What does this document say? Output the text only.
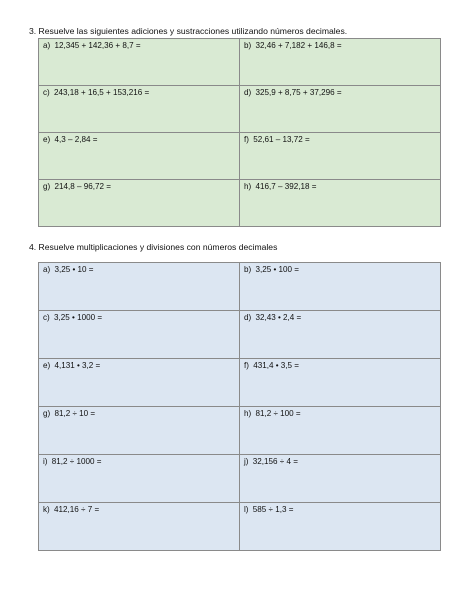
3. Resuelve las siguientes adiciones y sustracciones utilizando números decimales.
a) 12,345 + 142,36 + 8,7 =	b) 32,46 + 7,182 + 146,8 =
c) 243,18 + 16,5 + 153,216 =	d) 325,9 + 8,75 + 37,296 =
e) 4,3 – 2,84 =	f) 52,61 – 13,72 =
g) 214,8 – 96,72 =	h) 416,7 – 392,18 =
4. Resuelve multiplicaciones y divisiones con números decimales
a) 3,25 • 10 =	b) 3,25 • 100 =
c) 3,25 • 1000 =	d) 32,43 • 2,4 =
e) 4,131 • 3,2 =	f) 431,4 • 3,5 =
g) 81,2 ÷ 10 =	h) 81,2 ÷ 100 =
i) 81,2 ÷ 1000 =	j) 32,156 ÷ 4 =
k) 412,16 ÷ 7 =	l) 585 ÷ 1,3 =
